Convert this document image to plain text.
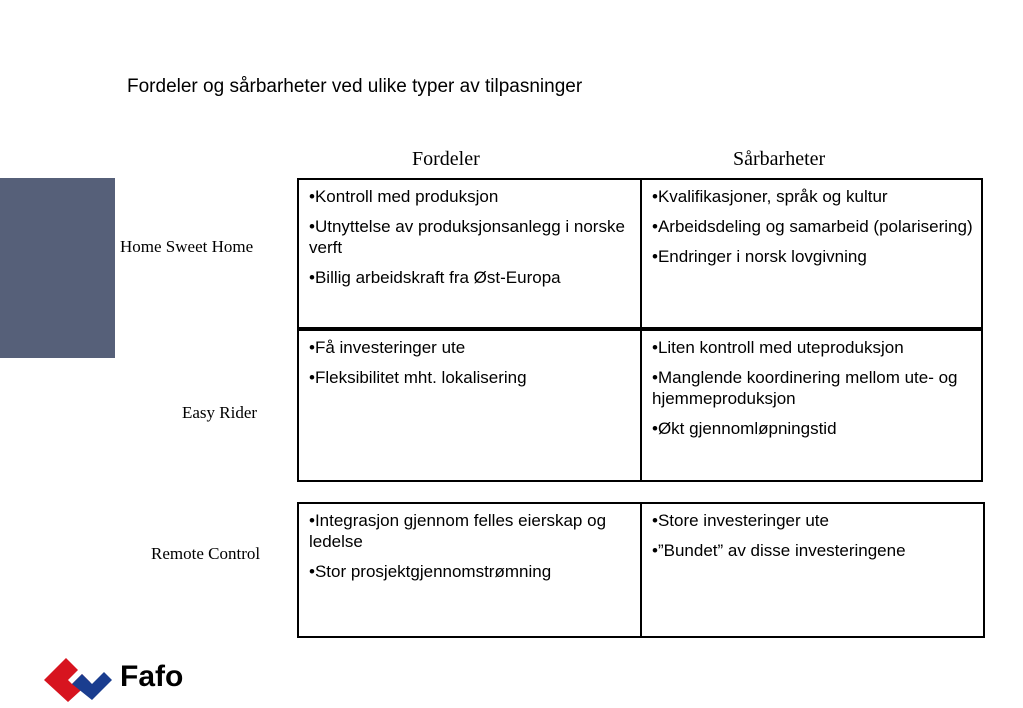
Fordeler og sårbarheter ved ulike typer av tilpasninger
Fordeler	Sårbarheter
Home Sweet Home
Easy Rider
Remote Control
•Kontroll med produksjon
•Utnyttelse av produksjonsanlegg i norske verft
•Billig arbeidskraft fra Øst-Europa
•Kvalifikasjoner, språk og kultur
•Arbeidsdeling og samarbeid (polarisering)
•Endringer i norsk lovgivning
•Få investeringer ute
•Fleksibilitet mht. lokalisering
•Liten kontroll med uteproduksjon
•Manglende koordinering mellom ute- og hjemmeproduksjon
•Økt gjennomløpningstid
•Integrasjon gjennom felles eierskap og ledelse
•Stor prosjektgjennomstrømning
•Store investeringer ute
•”Bundet” av disse investeringene
Fafo
